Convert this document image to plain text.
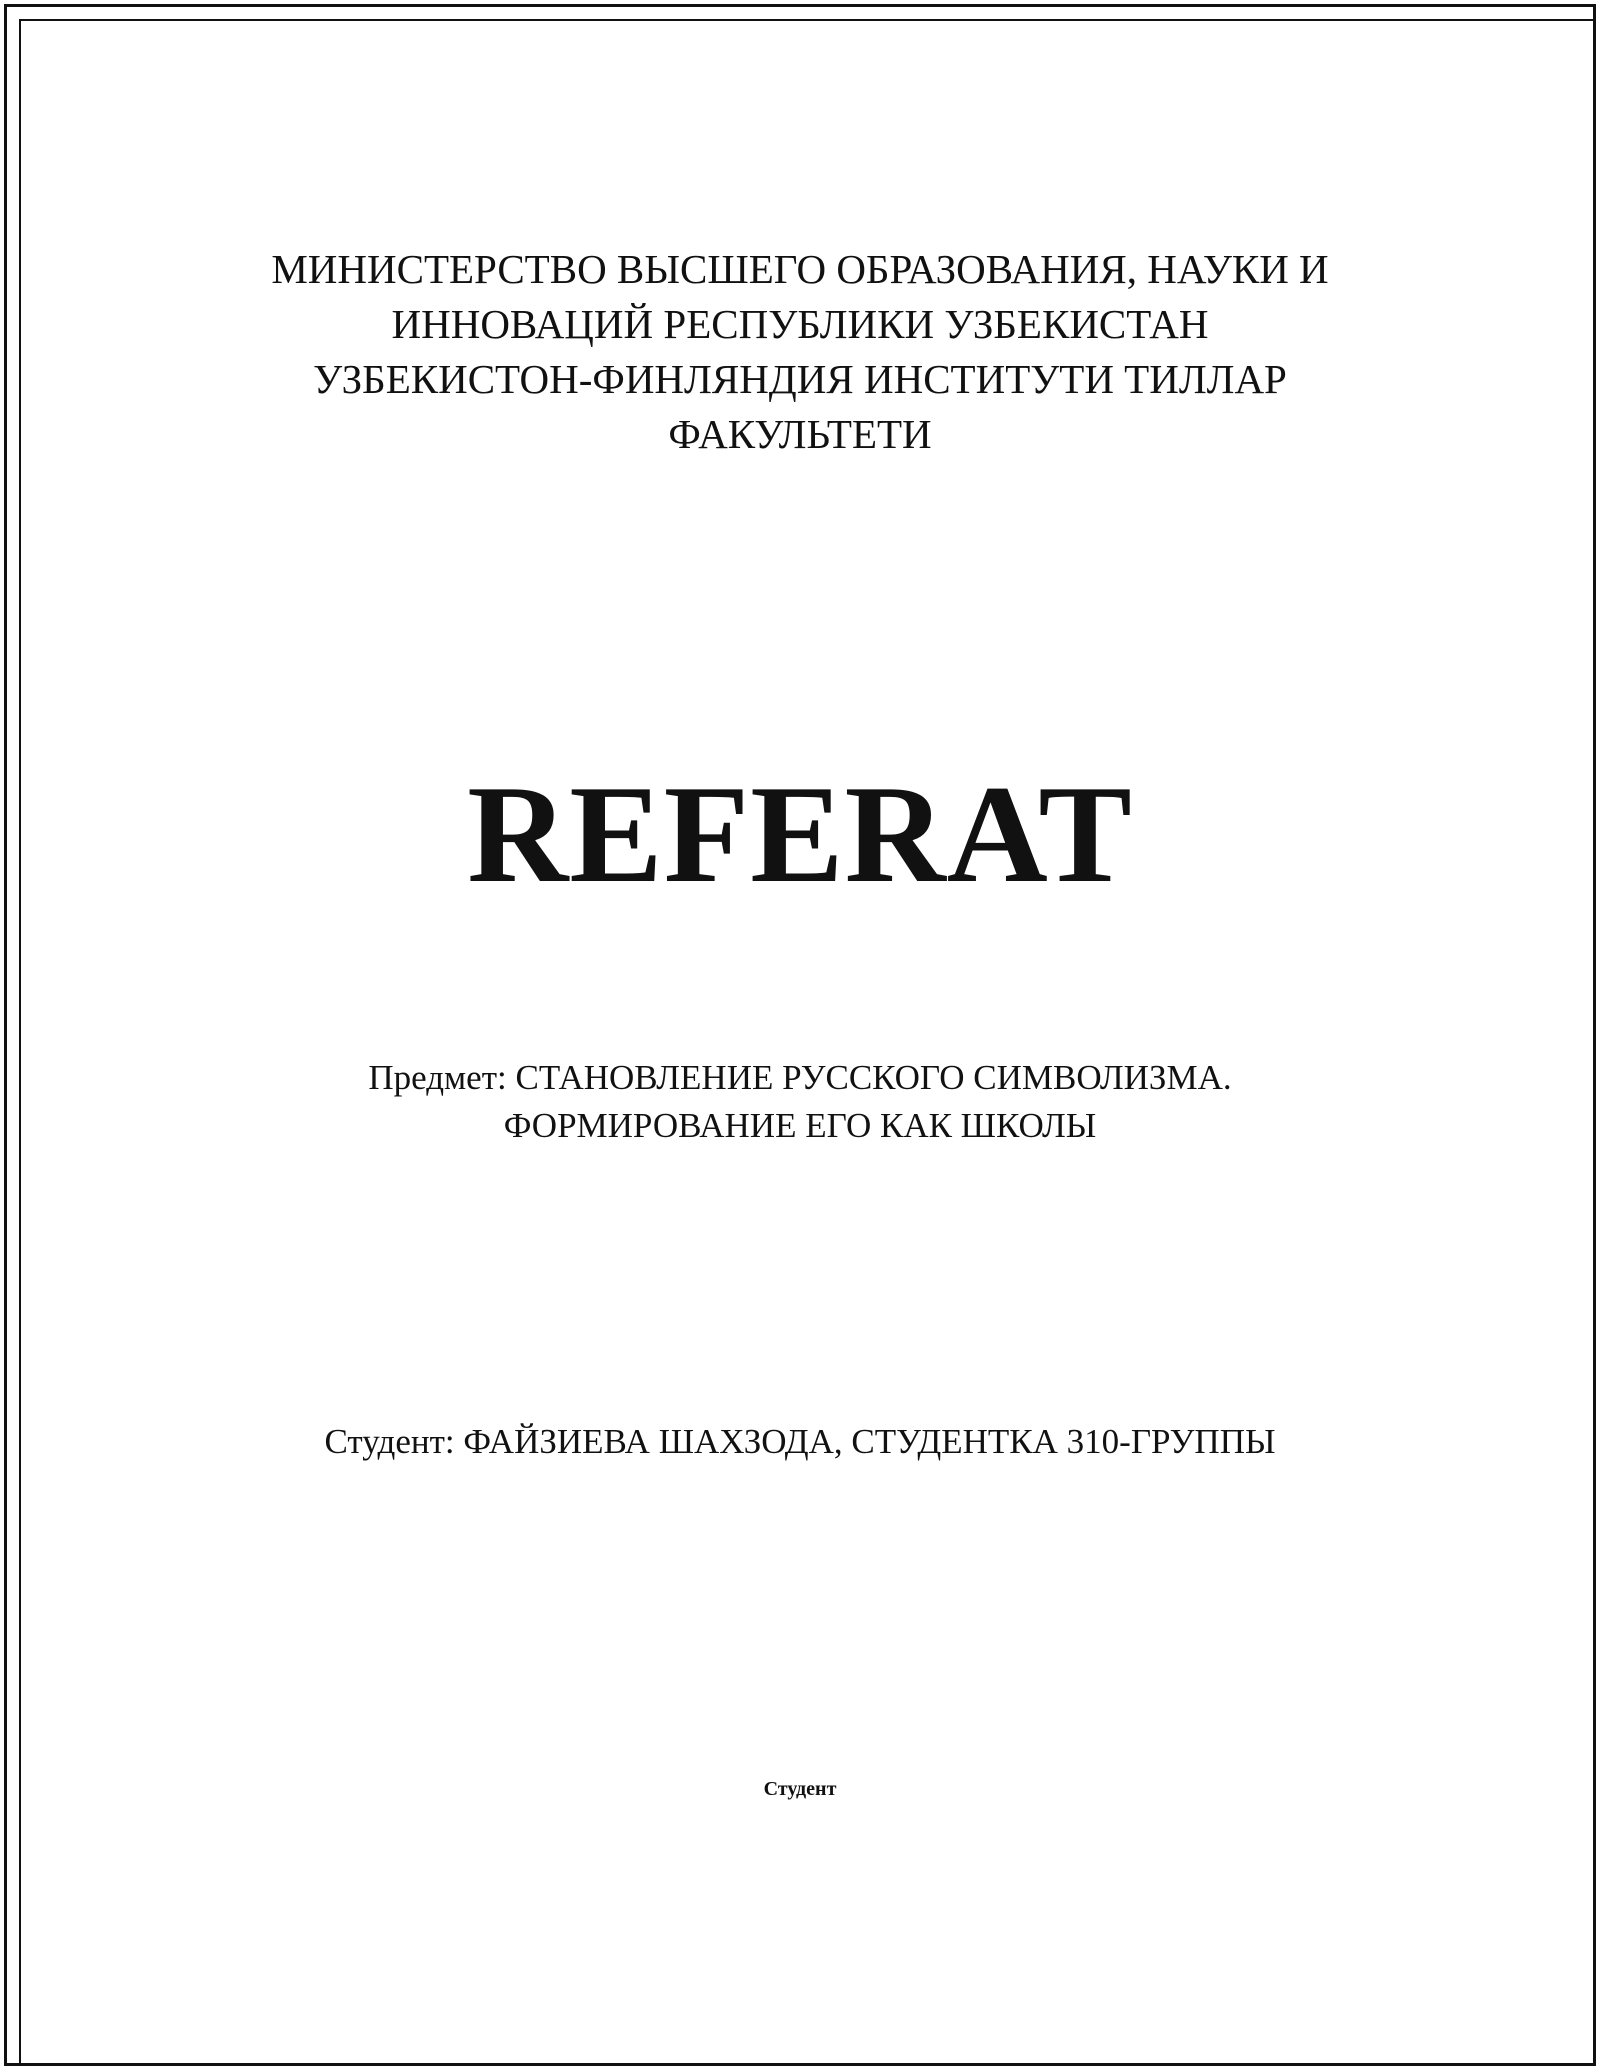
МИНИСТЕРСТВО ВЫСШЕГО ОБРАЗОВАНИЯ, НАУКИ И
ИННОВАЦИЙ РЕСПУБЛИКИ УЗБЕКИСТАН
УЗБЕКИСТОН-ФИНЛЯНДИЯ ИНСТИТУТИ ТИЛЛАР
ФАКУЛЬТЕТИ
REFERAT
Предмет: СТАНОВЛЕНИЕ РУССКОГО СИМВОЛИЗМА.
ФОРМИРОВАНИЕ ЕГО КАК ШКОЛЫ
Студент: ФАЙЗИЕВА ШАХЗОДА, СТУДЕНТКА 310-ГРУППЫ
Студент
